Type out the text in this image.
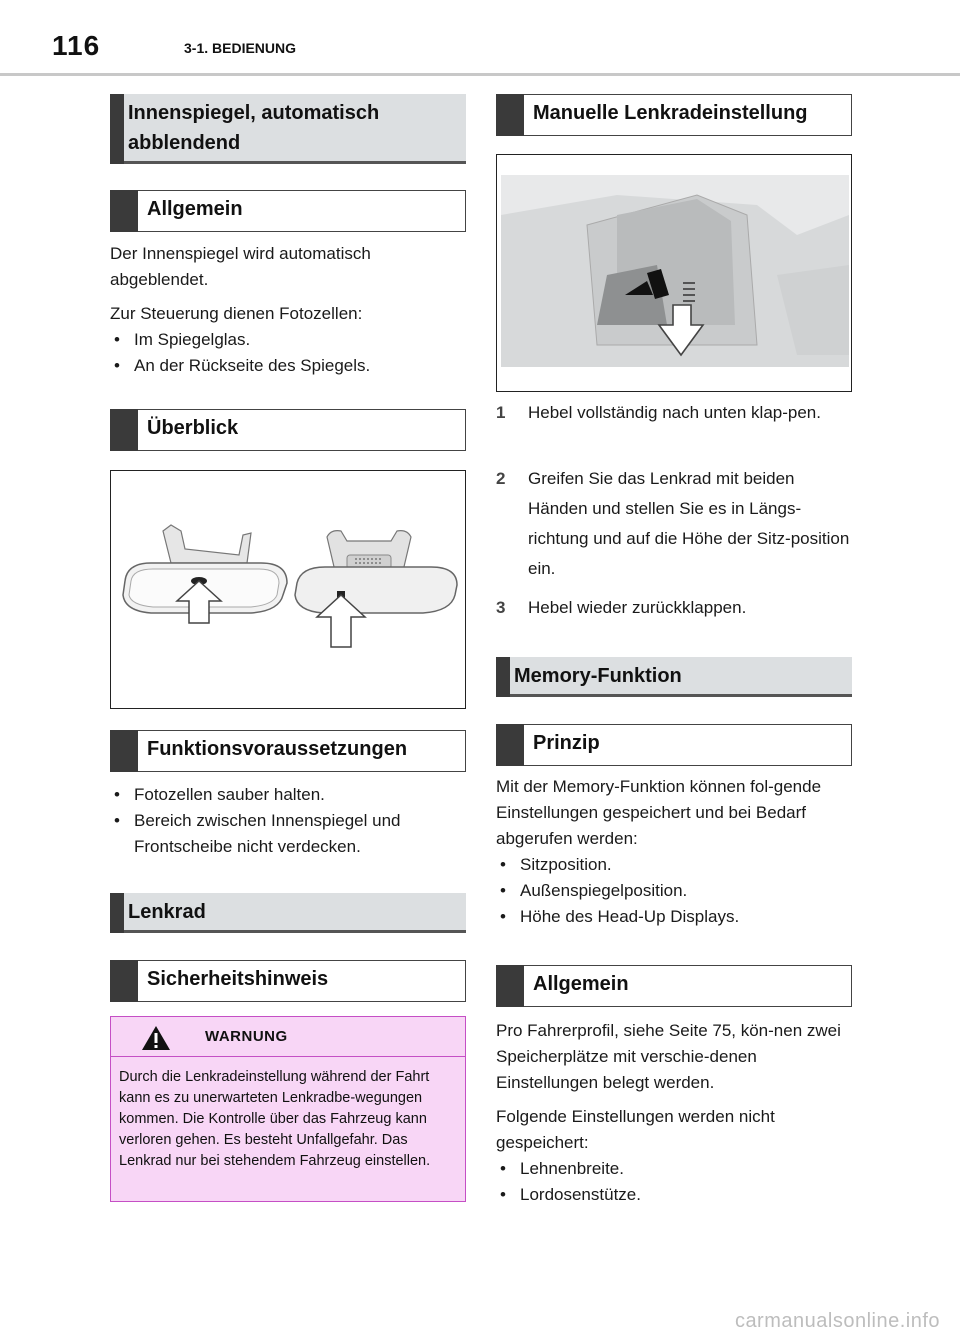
116	3-1. BEDIENUNG
Innenspiegel, automatisch abblendend
Allgemein

Der Innenspiegel wird automatisch abgeblendet.

Zur Steuerung dienen Fotozellen:

• Im Spiegelglas.
• An der Rückseite des Spiegels.
Überblick
Funktionsvoraussetzungen
• Fotozellen sauber halten.
• Bereich zwischen Innenspiegel und Frontscheibe nicht verdecken.
Lenkrad
Sicherheitshinweis
WARNUNG
Durch die Lenkradeinstellung während der Fahrt kann es zu unerwarteten Lenkradbe-wegungen kommen. Die Kontrolle über das Fahrzeug kann verloren gehen. Es besteht Unfallgefahr. Das Lenkrad nur bei stehendem Fahrzeug einstellen.
Manuelle Lenkradeinstellung
1	Hebel vollständig nach unten klap-pen.
2	Greifen Sie das Lenkrad mit beiden Händen und stellen Sie es in Längs-richtung und auf die Höhe der Sitz-position ein.
3	Hebel wieder zurückklappen.
Memory-Funktion
Prinzip

Mit der Memory-Funktion können fol-gende Einstellungen gespeichert und bei Bedarf abgerufen werden:

• Sitzposition.
• Außenspiegelposition.
• Höhe des Head-Up Displays.
Allgemein

Pro Fahrerprofil, siehe Seite 75, kön-nen zwei Speicherplätze mit verschie-denen Einstellungen belegt werden.

Folgende Einstellungen werden nicht gespeichert:

• Lehnenbreite.
• Lordosenstütze.
carmanualsonline.info
